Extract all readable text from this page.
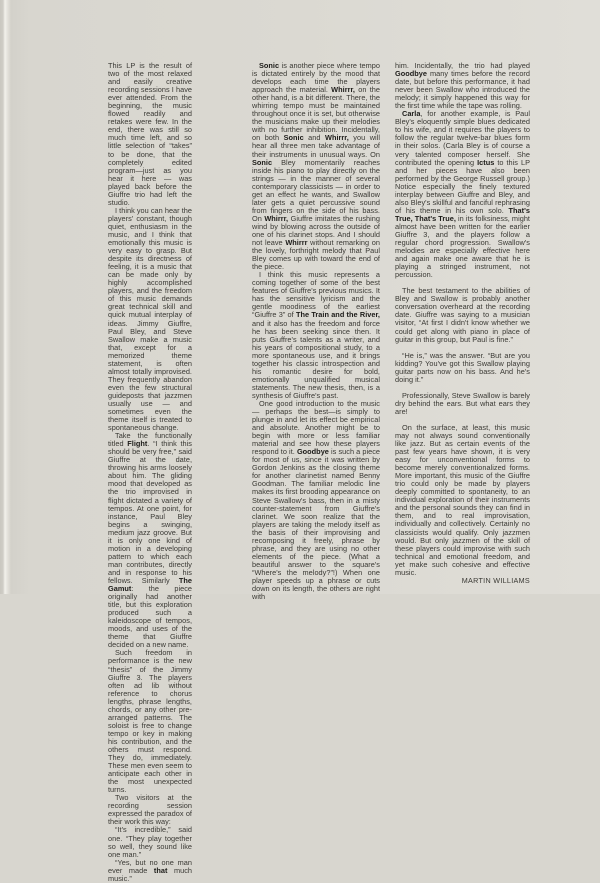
This LP is the result of two of the most relaxed and easily creative recording sessions I have ever attended. From the beginning, the music flowed readily and retakes were few. In the end, there was still so much time left, and so little selection of “takes” to be done, that the completely edited program—just as you hear it here — was played back before the Giuffre trio had left the studio.

I think you can hear the players' constant, though quiet, enthusiasm in the music, and I think that emotionally this music is very easy to grasp. But despite its directness of feeling, it is a music that can be made only by highly accomplished players, and the freedom of this music demands great technical skill and quick mutual interplay of ideas. Jimmy Giuffre, Paul Bley, and Steve Swallow make a music that, except for a memorized theme statement, is often almost totally improvised. They frequently abandon even the few structural guideposts that jazzmen usually use — and sometimes even the theme itself is treated to spontaneous change.

Take the functionally titled Flight. “I think this should be very free,” said Giuffre at the date, throwing his arms loosely about him. The gliding mood that developed as the trio improvised in flight dictated a variety of tempos. At one point, for instance, Paul Bley begins a swinging, medium jazz groove. But it is only one kind of motion in a developing pattern to which each man contributes, directly and in response to his fellows. Similarly The Gamut: the piece originally had another title, but this exploration produced such a kaleidoscope of tempos, moods, and uses of the theme that Giuffre decided on a new name.

Such freedom in performance is the new “thesis” of the Jimmy Giuffre 3. The players often ad lib without reference to chorus lengths, phrase lengths, chords, or any other pre-arranged patterns. The soloist is free to change tempo or key in making his contribution, and the others must respond. They do, immediately. These men even seem to anticipate each other in the most unexpected turns.

Two visitors at the recording session expressed the paradox of their work this way:

“It's incredible,” said one. “They play together so well, they sound like one man.”

“Yes, but no one man ever made that much music.”

Sonic is another piece where tempo is dictated entirely by the mood that develops each time the players approach the material. Whirrr, on the other hand, is a bit different. There, the whirring tempo must be maintained throughout once it is set, but otherwise the musicians make up their melodies with no further inhibition. Incidentally, on both Sonic and Whirrr, you will hear all three men take advantage of their instruments in unusual ways. On Sonic Bley momentarily reaches inside his piano to play directly on the strings — in the manner of several contemporary classicists — in order to get an effect he wants, and Swallow later gets a quiet percussive sound from fingers on the side of his bass. On Whirrr, Giuffre imitates the rushing wind by blowing across the outside of one of his clarinet stops. And I should not leave Whirrr without remarking on the lovely, forthright melody that Paul Bley comes up with toward the end of the piece.

I think this music represents a coming together of some of the best features of Giuffre's previous musics. It has the sensitive lyricism and the gentle moodiness of the earliest “Giuffre 3” of The Train and the River, and it also has the freedom and force he has been seeking since then. It puts Giuffre's talents as a writer, and his years of compositional study, to a more spontaneous use, and it brings together his classic introspection and his romantic desire for bold, emotionally unqualified musical statements. The new thesis, then, is a synthesis of Giuffre's past.

One good introduction to the music — perhaps the best—is simply to plunge in and let its effect be empirical and absolute. Another might be to begin with more or less familiar material and see how these players respond to it. Goodbye is such a piece for most of us, since it was written by Gordon Jenkins as the closing theme for another clarinetist named Benny Goodman. The familiar melodic line makes its first brooding appearance on Steve Swallow's bass, then in a misty counter-statement from Giuffre's clarinet. We soon realize that the players are taking the melody itself as the basis of their improvising and recomposing it freely, phrase by phrase, and they are using no other elements of the piece. (What a beautiful answer to the square's “Where's the melody?”!) When one player speeds up a phrase or cuts down on its length, the others are right with

him. Incidentally, the trio had played Goodbye many times before the record date, but before this performance, it had never been Swallow who introduced the melody; it simply happened this way for the first time while the tape was rolling.

Carla, for another example, is Paul Bley's eloquently simple blues dedicated to his wife, and it requires the players to follow the regular twelve-bar blues form in their solos. (Carla Bley is of course a very talented composer herself. She contributed the opening Ictus to this LP and her pieces have also been performed by the George Russell group.) Notice especially the finely textured interplay between Giuffre and Bley, and also Bley's skillful and fanciful rephrasing of his theme in his own solo. That's True, That's True, in its folksiness, might almost have been written for the earlier Giuffre 3, and the players follow a regular chord progression. Swallow's melodies are especially effective here and again make one aware that he is playing a stringed instrument, not percussion.

The best testament to the abilities of Bley and Swallow is probably another conversation overheard at the recording date. Giuffre was saying to a musician visitor, “At first I didn't know whether we could get along with piano in place of guitar in this group, but Paul is fine.”

“He is,” was the answer. “But are you kidding? You've got this Swallow playing guitar parts now on his bass. And he's doing it.”

Professionally, Steve Swallow is barely dry behind the ears. But what ears they are!

On the surface, at least, this music may not always sound conventionally like jazz. But as certain events of the past few years have shown, it is very easy for unconventional forms to become merely conventionalized forms. More important, this music of the Giuffre trio could only be made by players deeply committed to spontaneity, to an individual exploration of their instruments and the personal sounds they can find in them, and to real improvisation, individually and collectively. Certainly no classicists would qualify. Only jazzmen would. But only jazzmen of the skill of these players could improvise with such technical and emotional freedom, and yet make such cohesive and effective music.

MARTIN WILLIAMS
